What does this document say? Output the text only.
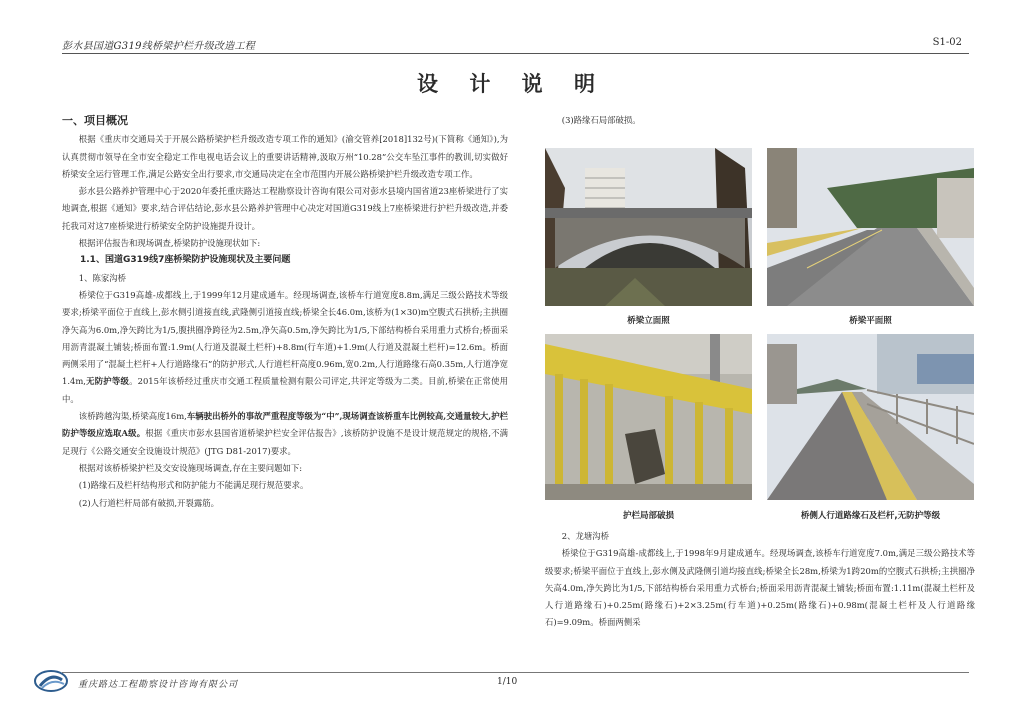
彭水县国道G319线桥梁护栏升级改造工程	S1-02
设 计 说 明

一、项目概况

根据《重庆市交通局关于开展公路桥梁护栏升级改造专项工作的通知》(渝交管养[2018]132号)(下简称《通知》),为认真贯彻市领导在全市安全稳定工作电视电话会议上的重要讲话精神,汲取万州“10.28”公交车坠江事件的教训,切实做好桥梁安全运行管理工作,满足公路安全出行要求,市交通局决定在全市范围内开展公路桥梁护栏升级改造专项工作。

彭水县公路养护管理中心于2020年委托重庆路达工程勘察设计咨询有限公司对彭水县境内国省道23座桥梁进行了实地调查,根据《通知》要求,结合评估结论,彭水县公路养护管理中心决定对国道G319线上7座桥梁进行护栏升级改造,并委托我司对这7座桥梁进行桥梁安全防护设施提升设计。

根据评估报告和现场调查,桥梁防护设施现状如下:

1.1、国道G319线7座桥梁防护设施现状及主要问题

1、陈家沟桥

桥梁位于G319高雄-成都线上,于1999年12月建成通车。经现场调查,该桥车行道宽度8.8m,满足三级公路技术等级要求;桥梁平面位于直线上,彭水侧引道接直线,武隆侧引道接直线;桥梁全长46.0m,该桥为(1×30)m空腹式石拱桥;主拱圈净矢高为6.0m,净矢跨比为1/5,腹拱圈净跨径为2.5m,净矢高0.5m,净矢跨比为1/5,下部结构桥台采用重力式桥台;桥面采用沥青混凝土铺装;桥面布置:1.9m(人行道及混凝土栏杆)+8.8m(行车道)+1.9m(人行道及混凝土栏杆)=12.6m。桥面两侧采用了“混凝土栏杆+人行道路缘石”的防护形式,人行道栏杆高度0.96m,宽0.2m,人行道路缘石高0.35m,人行道净宽1.4m,无防护等级。2015年该桥经过重庆市交通工程质量检测有限公司评定,共评定等级为二类。目前,桥梁在正常使用中。

该桥跨越沟渠,桥梁高度16m,车辆驶出桥外的事故严重程度等级为“中”,现场调查该桥重车比例较高,交通量较大,护栏防护等级应选取A级。根据《重庆市彭水县国省道桥梁护栏安全评估报告》,该桥防护设施不是设计规范规定的规格,不满足现行《公路交通安全设施设计规范》(JTG D81-2017)要求。

根据对该桥桥梁护栏及交安设施现场调查,存在主要问题如下:

(1)路缘石及栏杆结构形式和防护能力不能满足现行规范要求。

(2)人行道栏杆局部有破损,开裂露筋。

(3)路缘石局部破损。

桥梁立面照	桥梁平面照
护栏局部破损	桥侧人行道路缘石及栏杆,无防护等级

2、龙塘沟桥

桥梁位于G319高雄-成都线上,于1998年9月建成通车。经现场调查,该桥车行道宽度7.0m,满足三级公路技术等级要求;桥梁平面位于直线上,彭水侧及武隆侧引道均接直线;桥梁全长28m,桥梁为1跨20m的空腹式石拱桥;主拱圈净矢高4.0m,净矢跨比为1/5,下部结构桥台采用重力式桥台;桥面采用沥青混凝土铺装;桥面布置:1.11m(混凝土栏杆及人行道路缘石)+0.25m(路缘石)+2×3.25m(行车道)+0.25m(路缘石)+0.98m(混凝土栏杆及人行道路缘石)=9.09m。桥面两侧采

重庆路达工程勘察设计咨询有限公司	1/10
